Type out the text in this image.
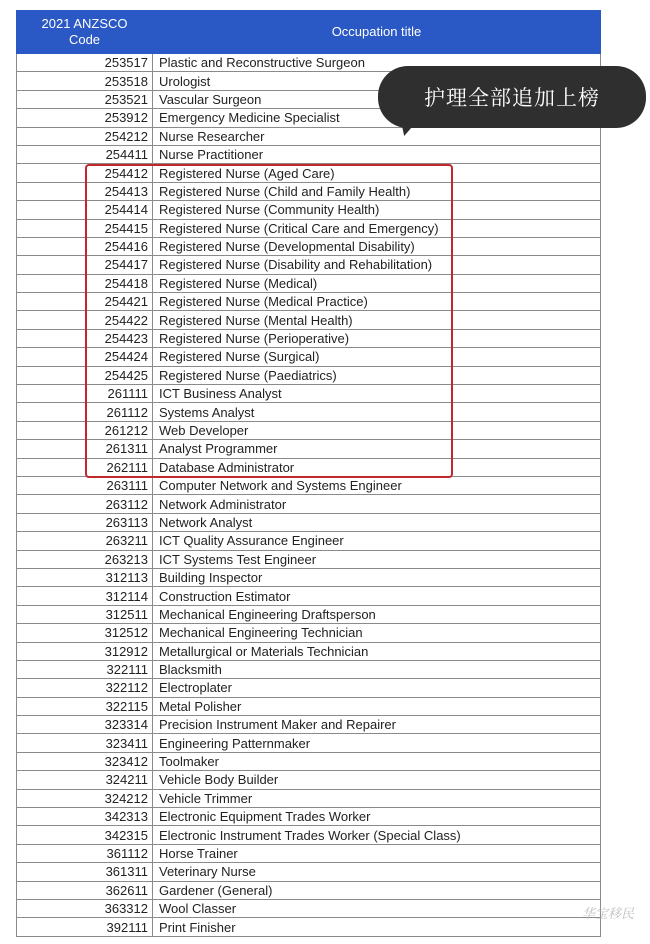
2021 ANZSCO
Code	Occupation title
253517	Plastic and Reconstructive Surgeon
253518	Urologist
253521	Vascular Surgeon
253912	Emergency Medicine Specialist
254212	Nurse Researcher
254411	Nurse Practitioner
254412	Registered Nurse (Aged Care)
254413	Registered Nurse (Child and Family Health)
254414	Registered Nurse (Community Health)
254415	Registered Nurse (Critical Care and Emergency)
254416	Registered Nurse (Developmental Disability)
254417	Registered Nurse (Disability and Rehabilitation)
254418	Registered Nurse (Medical)
254421	Registered Nurse (Medical Practice)
254422	Registered Nurse (Mental Health)
254423	Registered Nurse (Perioperative)
254424	Registered Nurse (Surgical)
254425	Registered Nurse (Paediatrics)
261111	ICT Business Analyst
261112	Systems Analyst
261212	Web Developer
261311	Analyst Programmer
262111	Database Administrator
263111	Computer Network and Systems Engineer
263112	Network Administrator
263113	Network Analyst
263211	ICT Quality Assurance Engineer
263213	ICT Systems Test Engineer
312113	Building Inspector
312114	Construction Estimator
312511	Mechanical Engineering Draftsperson
312512	Mechanical Engineering Technician
312912	Metallurgical or Materials Technician
322111	Blacksmith
322112	Electroplater
322115	Metal Polisher
323314	Precision Instrument Maker and Repairer
323411	Engineering Patternmaker
323412	Toolmaker
324211	Vehicle Body Builder
324212	Vehicle Trimmer
342313	Electronic Equipment Trades Worker
342315	Electronic Instrument Trades Worker (Special Class)
361112	Horse Trainer
361311	Veterinary Nurse
362611	Gardener (General)
363312	Wool Classer
392111	Print Finisher
护理全部追加上榜
华宝移民
